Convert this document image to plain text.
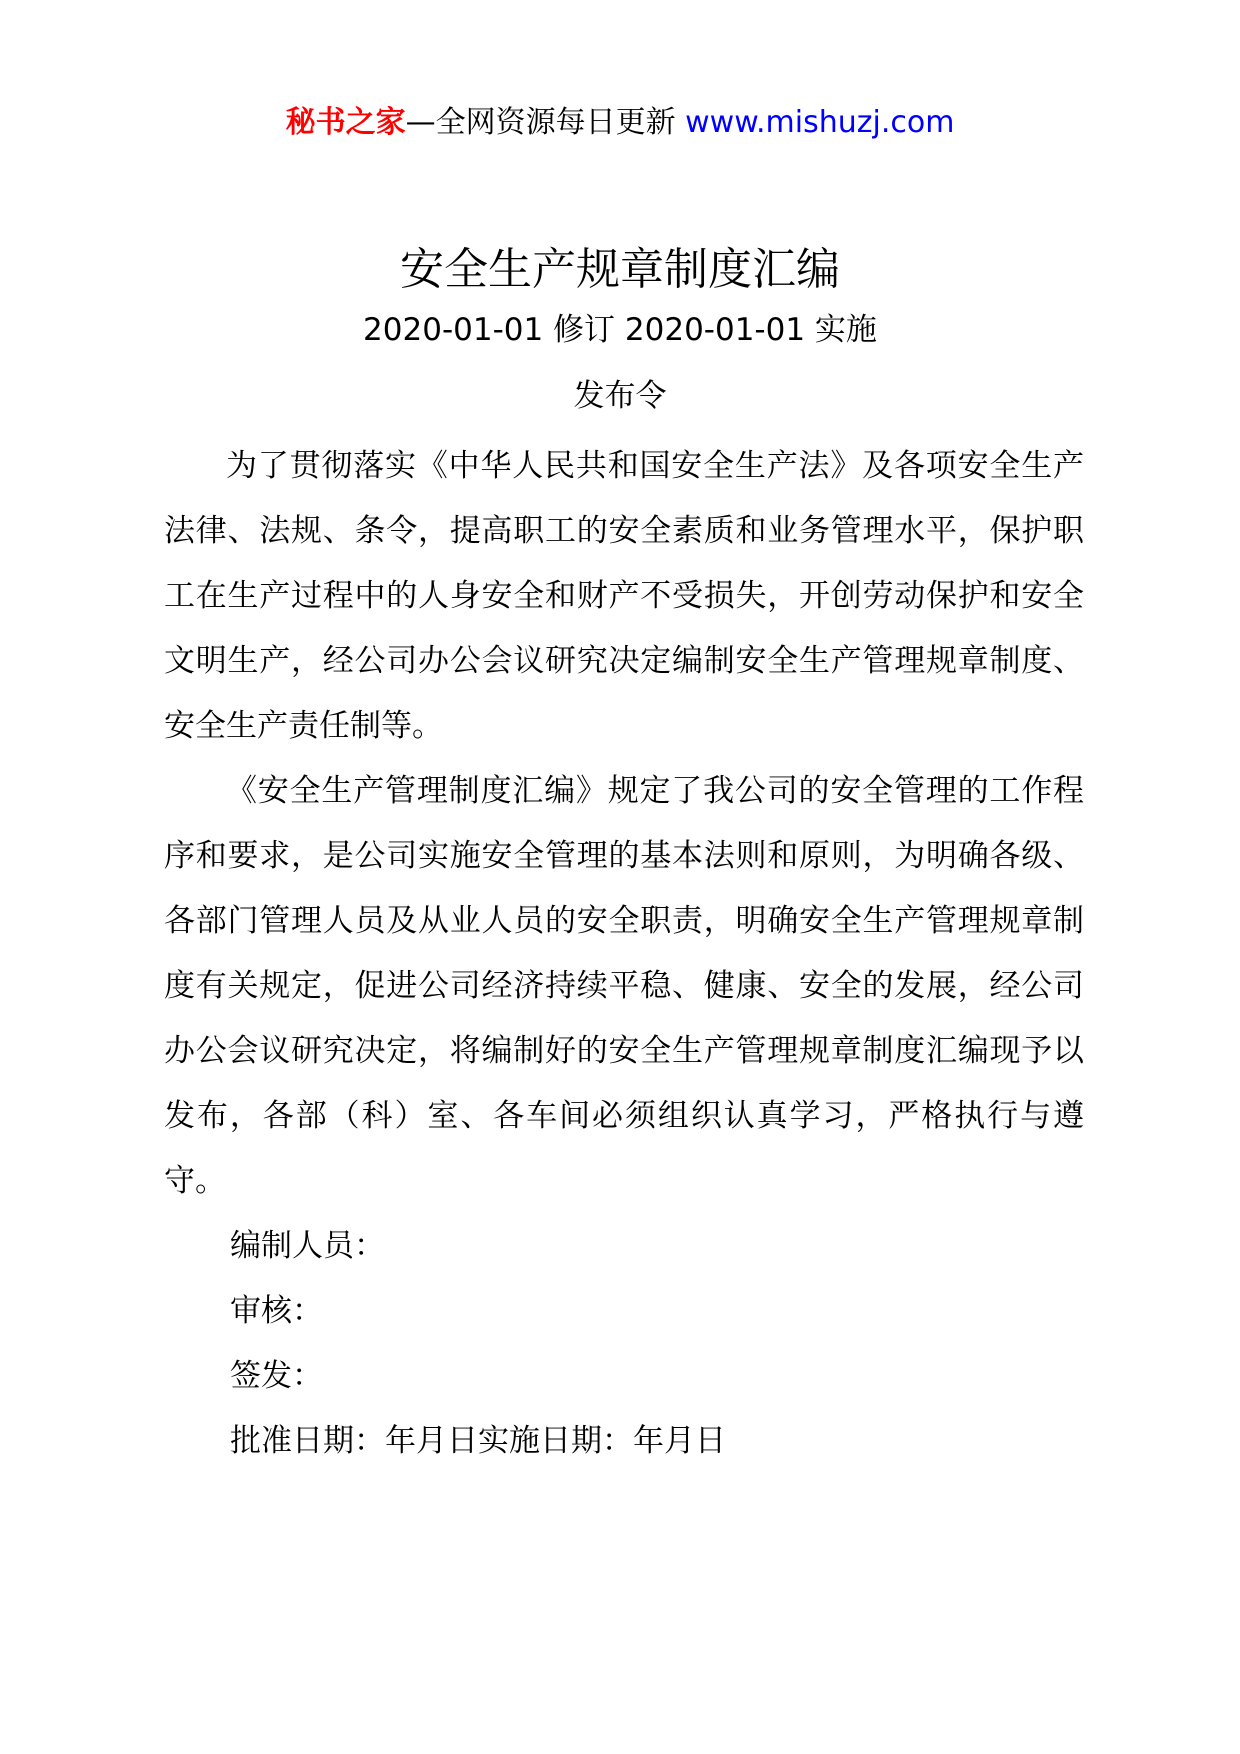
秘书之家—全网资源每日更新 www.mishuzj.com
安全生产规章制度汇编
2020-01-01 修订 2020-01-01 实施
发布令

为了贯彻落实《中华人民共和国安全生产法》及各项安全生产法律、法规、条令，提高职工的安全素质和业务管理水平，保护职工在生产过程中的人身安全和财产不受损失，开创劳动保护和安全文明生产，经公司办公会议研究决定编制安全生产管理规章制度、安全生产责任制等。

《安全生产管理制度汇编》规定了我公司的安全管理的工作程序和要求，是公司实施安全管理的基本法则和原则，为明确各级、各部门管理人员及从业人员的安全职责，明确安全生产管理规章制度有关规定，促进公司经济持续平稳、健康、安全的发展，经公司办公会议研究决定，将编制好的安全生产管理规章制度汇编现予以发布，各部（科）室、各车间必须组织认真学习，严格执行与遵守。

编制人员：

审核：

签发：

批准日期：年月日实施日期：年月日
